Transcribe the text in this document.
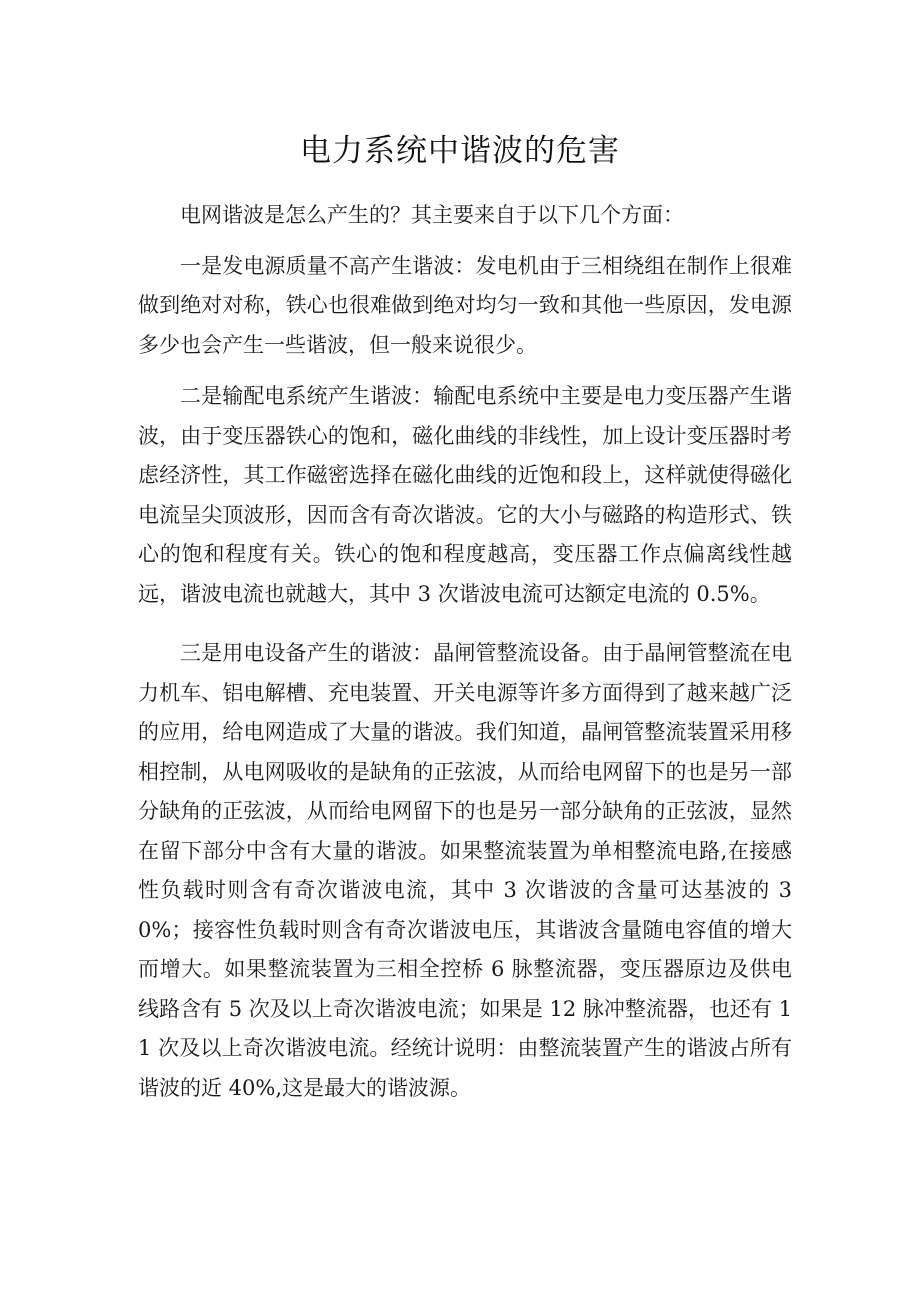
电力系统中谐波的危害

电网谐波是怎么产生的？其主要来自于以下几个方面：

一是发电源质量不高产生谐波：发电机由于三相绕组在制作上很难做到绝对对称，铁心也很难做到绝对均匀一致和其他一些原因，发电源多少也会产生一些谐波，但一般来说很少。

二是输配电系统产生谐波：输配电系统中主要是电力变压器产生谐波，由于变压器铁心的饱和，磁化曲线的非线性，加上设计变压器时考虑经济性，其工作磁密选择在磁化曲线的近饱和段上，这样就使得磁化电流呈尖顶波形，因而含有奇次谐波。它的大小与磁路的构造形式、铁心的饱和程度有关。铁心的饱和程度越高，变压器工作点偏离线性越远，谐波电流也就越大，其中 3 次谐波电流可达额定电流的 0.5%。

三是用电设备产生的谐波：晶闸管整流设备。由于晶闸管整流在电力机车、铝电解槽、充电装置、开关电源等许多方面得到了越来越广泛的应用，给电网造成了大量的谐波。我们知道，晶闸管整流装置采用移相控制，从电网吸收的是缺角的正弦波，从而给电网留下的也是另一部分缺角的正弦波，从而给电网留下的也是另一部分缺角的正弦波，显然在留下部分中含有大量的谐波。如果整流装置为单相整流电路,在接感性负载时则含有奇次谐波电流，其中 3 次谐波的含量可达基波的 30%；接容性负载时则含有奇次谐波电压，其谐波含量随电容值的增大而增大。如果整流装置为三相全控桥 6 脉整流器，变压器原边及供电线路含有 5 次及以上奇次谐波电流；如果是 12 脉冲整流器，也还有 11 次及以上奇次谐波电流。经统计说明：由整流装置产生的谐波占所有谐波的近 40%,这是最大的谐波源。
